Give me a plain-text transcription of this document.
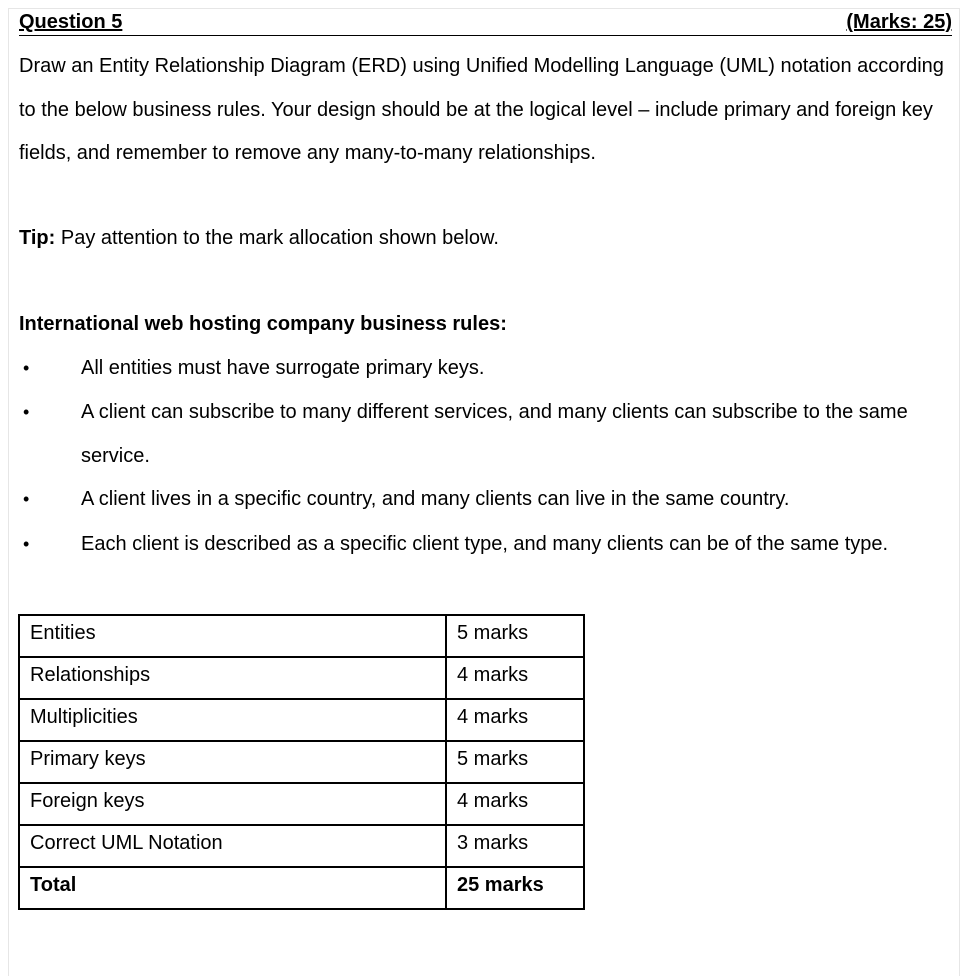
Question 5	(Marks: 25)
Draw an Entity Relationship Diagram (ERD) using Unified Modelling Language (UML) notation according to the below business rules. Your design should be at the logical level – include primary and foreign key fields, and remember to remove any many-to-many relationships.
Tip: Pay attention to the mark allocation shown below.
International web hosting company business rules:
•	All entities must have surrogate primary keys.
•	A client can subscribe to many different services, and many clients can subscribe to the same service.
•	A client lives in a specific country, and many clients can live in the same country.
•	Each client is described as a specific client type, and many clients can be of the same type.
Entities	5 marks
Relationships	4 marks
Multiplicities	4 marks
Primary keys	5 marks
Foreign keys	4 marks
Correct UML Notation	3 marks
Total	25 marks
